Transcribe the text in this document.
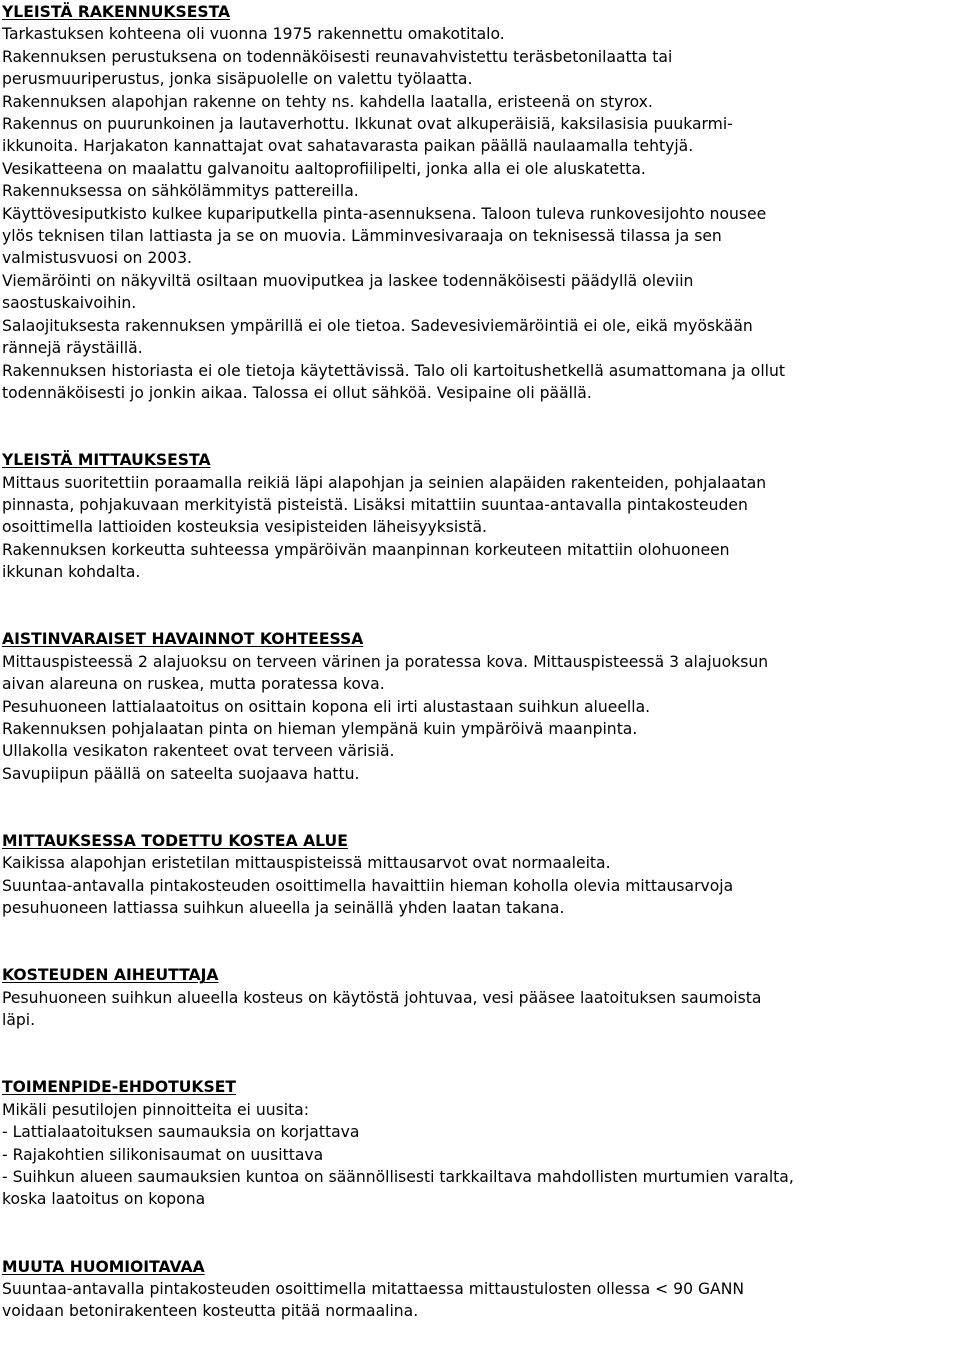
YLEISTÄ RAKENNUKSESTA
Tarkastuksen kohteena oli vuonna 1975 rakennettu omakotitalo.
Rakennuksen perustuksena on todennäköisesti reunavahvistettu teräsbetonilaatta tai
perusmuuriperustus, jonka sisäpuolelle on valettu työlaatta.
Rakennuksen alapohjan rakenne on tehty ns. kahdella laatalla, eristeenä on styrox.
Rakennus on puurunkoinen ja lautaverhottu. Ikkunat ovat alkuperäisiä, kaksilasisia puukarmi-
ikkunoita. Harjakaton kannattajat ovat sahatavarasta paikan päällä naulaamalla tehtyjä.
Vesikatteena on maalattu galvanoitu aaltoprofiilipelti, jonka alla ei ole aluskatetta.
Rakennuksessa on sähkölämmitys pattereilla.
Käyttövesiputkisto kulkee kupariputkella pinta-asennuksena. Taloon tuleva runkovesijohto nousee
ylös teknisen tilan lattiasta ja se on muovia. Lämminvesivaraaja on teknisessä tilassa ja sen
valmistusvuosi on 2003.
Viemäröinti on näkyviltä osiltaan muoviputkea ja laskee todennäköisesti päädyllä oleviin
saostuskaivoihin.
Salaojituksesta rakennuksen ympärillä ei ole tietoa. Sadevesiviemäröintiä ei ole, eikä myöskään
rännejä räystäillä.
Rakennuksen historiasta ei ole tietoja käytettävissä. Talo oli kartoitushetkellä asumattomana ja ollut
todennäköisesti jo jonkin aikaa. Talossa ei ollut sähköä. Vesipaine oli päällä.
YLEISTÄ MITTAUKSESTA
Mittaus suoritettiin poraamalla reikiä läpi alapohjan ja seinien alapäiden rakenteiden, pohjalaatan
pinnasta, pohjakuvaan merkityistä pisteistä. Lisäksi mitattiin suuntaa-antavalla pintakosteuden
osoittimella lattioiden kosteuksia vesipisteiden läheisyyksistä.
Rakennuksen korkeutta suhteessa ympäröivän maanpinnan korkeuteen mitattiin olohuoneen
ikkunan kohdalta.
AISTINVARAISET HAVAINNOT KOHTEESSA
Mittauspisteessä 2 alajuoksu on terveen värinen ja poratessa kova. Mittauspisteessä 3 alajuoksun
aivan alareuna on ruskea, mutta poratessa kova.
Pesuhuoneen lattialaatoitus on osittain kopona eli irti alustastaan suihkun alueella.
Rakennuksen pohjalaatan pinta on hieman ylempänä kuin ympäröivä maanpinta.
Ullakolla vesikaton rakenteet ovat terveen värisiä.
Savupiipun päällä on sateelta suojaava hattu.
MITTAUKSESSA TODETTU KOSTEA ALUE
Kaikissa alapohjan eristetilan mittauspisteissä mittausarvot ovat normaaleita.
Suuntaa-antavalla pintakosteuden osoittimella havaittiin hieman koholla olevia mittausarvoja
pesuhuoneen lattiassa suihkun alueella ja seinällä yhden laatan takana.
KOSTEUDEN AIHEUTTAJA
Pesuhuoneen suihkun alueella kosteus on käytöstä johtuvaa, vesi pääsee laatoituksen saumoista
läpi.
TOIMENPIDE-EHDOTUKSET
Mikäli pesutilojen pinnoitteita ei uusita:
- Lattialaatoituksen saumauksia on korjattava
- Rajakohtien silikonisaumat on uusittava
- Suihkun alueen saumauksien kuntoa on säännöllisesti tarkkailtava mahdollisten murtumien varalta,
koska laatoitus on kopona
MUUTA HUOMIOITAVAA
Suuntaa-antavalla pintakosteuden osoittimella mitattaessa mittaustulosten ollessa < 90 GANN
voidaan betonirakenteen kosteutta pitää normaalina.
